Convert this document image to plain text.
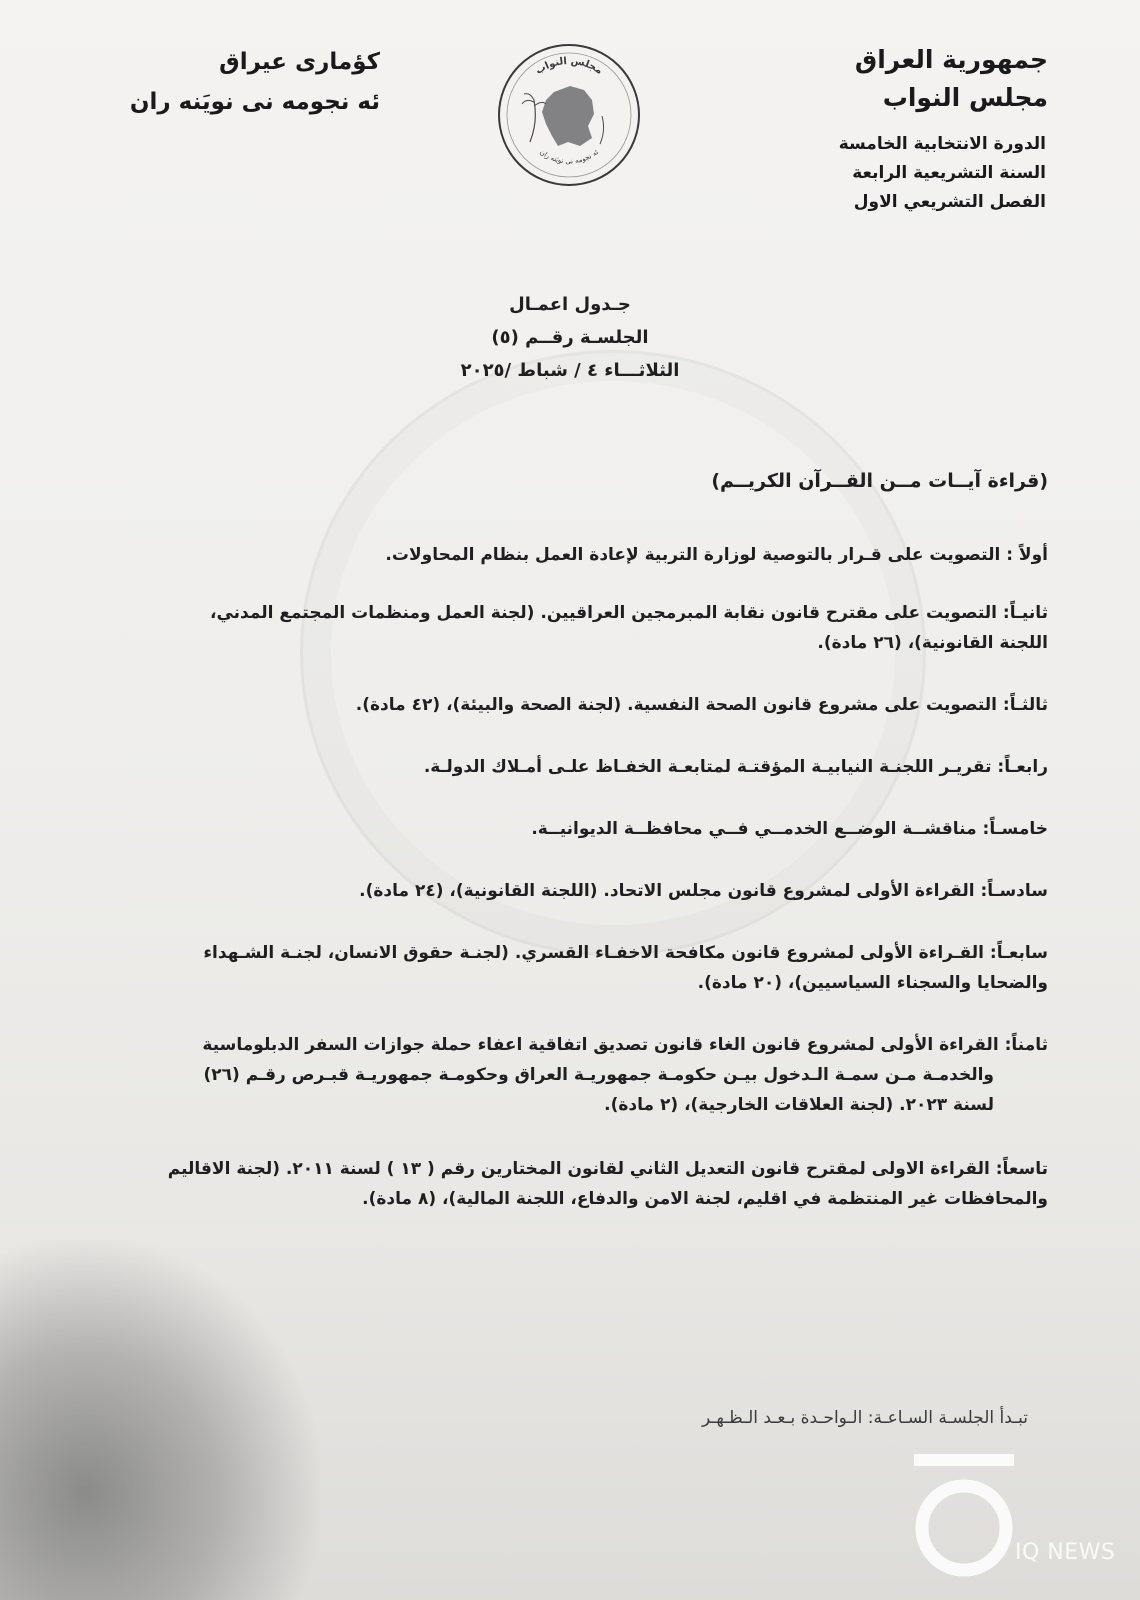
جمهورية العراق
مجلس النواب
الدورة الانتخابية الخامسة
السنة التشريعية الرابعة
الفصل التشريعي الاول
كؤمارى عيراق
ئه نجومه نى نويَنه ران
مجلس النواب
ئه نجومه نى نويَنه ران
جـدول اعمـال
الجلسـة رقــم (٥)
الثلاثـــاء ٤ / شباط /٢٠٢٥
(قراءة آيــات مــن القــرآن الكريــم)
أولاً : التصويت على قـرار بالتوصية لوزارة التربية لإعادة العمل بنظام المحاولات.
ثانيـاً: التصويت على مقترح قانون نقابة المبرمجين العراقيين. (لجنة العمل ومنظمات المجتمع المدني،
اللجنة القانونية)، (٢٦ مادة).
ثالثـاً: التصويت على مشروع قانون الصحة النفسية. (لجنة الصحة والبيئة)، (٤٢ مادة).
رابعـاً: تقريـر اللجنـة النيابيـة المؤقتـة لمتابعـة الخفـاظ علـى أمـلاك الدولـة.
خامسـاً: مناقشــة الوضــع الخدمــي فــي محافظــة الديوانيــة.
سادسـاً: القراءة الأولى لمشروع قانون مجلس الاتحاد. (اللجنة القانونية)، (٢٤ مادة).
سابعـاً: القـراءة الأولى لمشروع قانون مكافحة الاخفـاء القسري. (لجنـة حقوق الانسان، لجنـة الشـهداء
والضحايا والسجناء السياسيين)، (٢٠ مادة).
ثامناً: القراءة الأولى لمشروع قانون الغاء قانون تصديق اتفاقية اعفاء حملة جوازات السفر الدبلوماسية
والخدمـة مـن سمـة الـدخول بيـن حكومـة جمهوريـة العراق وحكومـة جمهوريـة قبـرص رقـم (٢٦)
لسنة ٢٠٢٣. (لجنة العلاقات الخارجية)، (٢ مادة).
تاسعاً: القراءة الاولى لمقترح قانون التعديل الثاني لقانون المختارين رقم ( ١٣ ) لسنة ٢٠١١. (لجنة الاقاليم
والمحافظات غير المنتظمة في اقليم، لجنة الامن والدفاع، اللجنة المالية)، (٨ مادة).
تبـدأ الجلسـة السـاعـة: الـواحـدة بـعـد الـظـهـر
IQ NEWS
